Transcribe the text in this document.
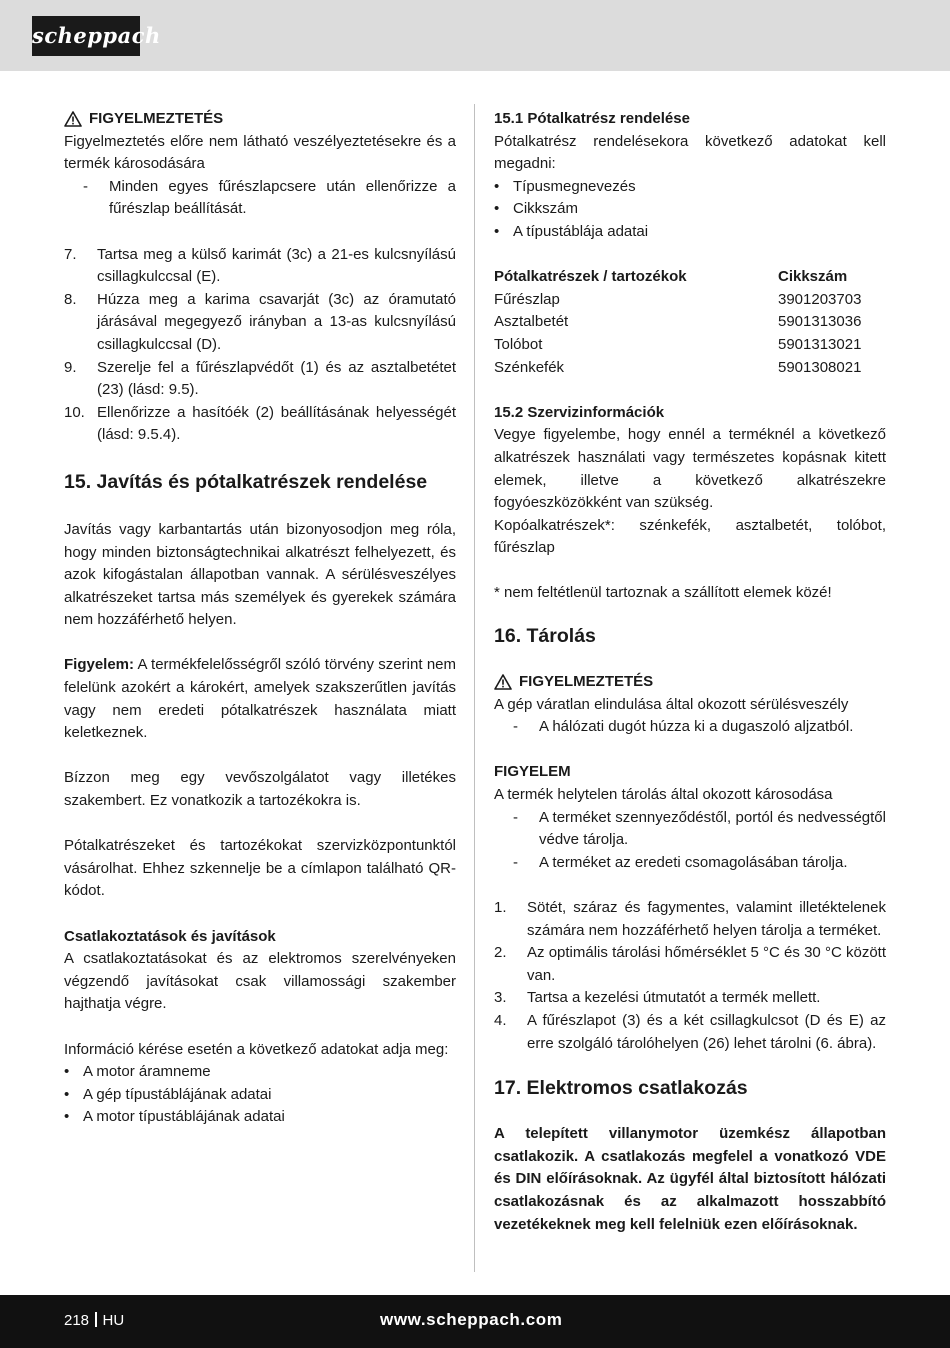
scheppach
FIGYELMEZTETÉS
Figyelmeztetés előre nem látható veszélyeztetésekre és a termék károsodására
-	Minden egyes fűrészlapcsere után ellenőrizze a fűrészlap beállítását.
7.	Tartsa meg a külső karimát (3c) a 21-es kulcsnyílású csillagkulccsal (E).
8.	Húzza meg a karima csavarját (3c) az óramutató járásával megegyező irányban a 13-as kulcsnyílású csillagkulccsal (D).
9.	Szerelje fel a fűrészlapvédőt (1) és az asztalbetétet (23) (lásd: 9.5).
10. Ellenőrizze a hasítóék (2) beállításának helyességét (lásd: 9.5.4).
15. Javítás és pótalkatrészek rendelése
Javítás vagy karbantartás után bizonyosodjon meg róla, hogy minden biztonságtechnikai alkatrészt felhelyezett, és azok kifogástalan állapotban vannak. A sérülésveszélyes alkatrészeket tartsa más személyek és gyerekek számára nem hozzáférhető helyen.
Figyelem: A termékfelelősségről szóló törvény szerint nem felelünk azokért a károkért, amelyek szakszerűtlen javítás vagy nem eredeti pótalkatrészek használata miatt keletkeznek.
Bízzon meg egy vevőszolgálatot vagy illetékes szakembert. Ez vonatkozik a tartozékokra is.
Pótalkatrészeket és tartozékokat szervizközpontunktól vásárolhat. Ehhez szkennelje be a címlapon található QR-kódot.
Csatlakoztatások és javítások
A csatlakoztatásokat és az elektromos szerelvényeken végzendő javításokat csak villamossági szakember hajthatja végre.
Információ kérése esetén a következő adatokat adja meg:
• A motor áramneme
• A gép típustáblájának adatai
• A motor típustáblájának adatai
15.1 Pótalkatrész rendelése
Pótalkatrész rendelésekora következő adatokat kell megadni:
• Típusmegnevezés
• Cikkszám
• A típustáblája adatai
Pótalkatrészek / tartozékok	Cikkszám
Fűrészlap	3901203703
Asztalbetét	5901313036
Tolóbot	5901313021
Szénkefék	5901308021
15.2 Szervizinformációk
Vegye figyelembe, hogy ennél a terméknél a következő alkatrészek használati vagy természetes kopásnak kitett elemek, illetve a következő alkatrészekre fogyóeszközökként van szükség.
Kopóalkatrészek*: szénkefék, asztalbetét, tolóbot, fűrészlap
* nem feltétlenül tartoznak a szállított elemek közé!
16. Tárolás
FIGYELMEZTETÉS
A gép váratlan elindulása által okozott sérülésveszély
-	A hálózati dugót húzza ki a dugaszoló aljzatból.
FIGYELEM
A termék helytelen tárolás által okozott károsodása
-	A terméket szennyeződéstől, portól és nedvességtől védve tárolja.
-	A terméket az eredeti csomagolásában tárolja.
1.	Sötét, száraz és fagymentes, valamint illetéktelenek számára nem hozzáférhető helyen tárolja a terméket.
2.	Az optimális tárolási hőmérséklet 5 °C és 30 °C között van.
3.	Tartsa a kezelési útmutatót a termék mellett.
4.	A fűrészlapot (3) és a két csillagkulcsot (D és E) az erre szolgáló tárolóhelyen (26) lehet tárolni (6. ábra).
17. Elektromos csatlakozás
A telepített villanymotor üzemkész állapotban csatlakozik. A csatlakozás megfelel a vonatkozó VDE és DIN előírásoknak. Az ügyfél által biztosított hálózati csatlakozásnak és az alkalmazott hosszabbító vezetékeknek meg kell felelniük ezen előírásoknak.
218 HU	www.scheppach.com
